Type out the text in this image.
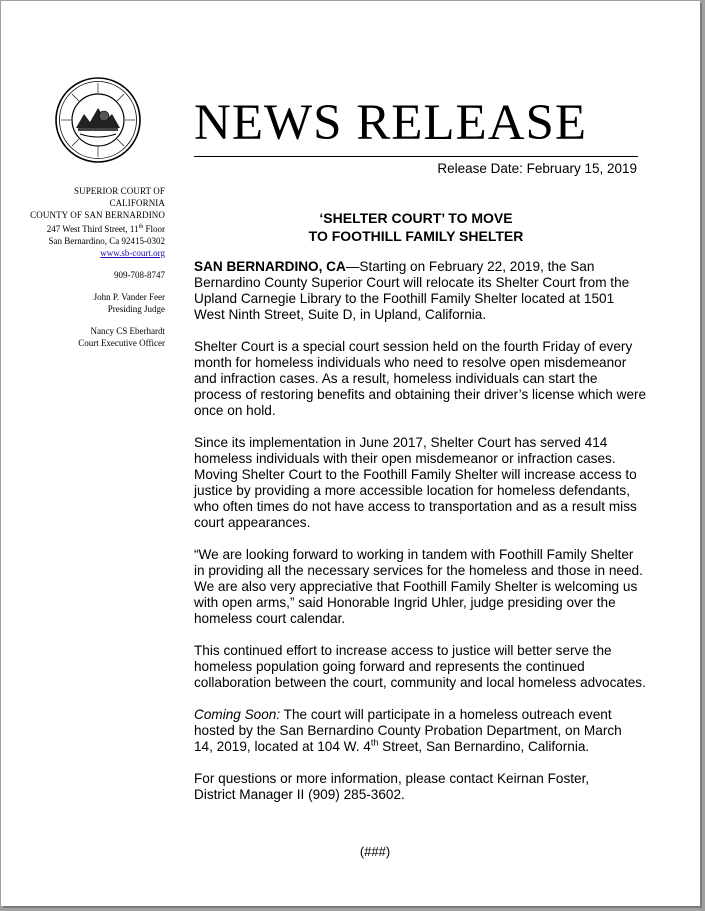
NEWS RELEASE
Release Date: February 15, 2019
SUPERIOR COURT OF
CALIFORNIA
COUNTY OF SAN BERNARDINO
247 West Third Street, 11th Floor
San Bernardino, Ca 92415-0302
www.sb-court.org
909-708-8747
John P. Vander Feer
Presiding Judge
Nancy CS Eberhardt
Court Executive Officer
‘SHELTER COURT’ TO MOVE
TO FOOTHILL FAMILY SHELTER

SAN BERNARDINO, CA—Starting on February 22, 2019, the San
Bernardino County Superior Court will relocate its Shelter Court from the
Upland Carnegie Library to the Foothill Family Shelter located at 1501
West Ninth Street, Suite D, in Upland, California.

Shelter Court is a special court session held on the fourth Friday of every
month for homeless individuals who need to resolve open misdemeanor
and infraction cases. As a result, homeless individuals can start the
process of restoring benefits and obtaining their driver’s license which were
once on hold.

Since its implementation in June 2017, Shelter Court has served 414
homeless individuals with their open misdemeanor or infraction cases.
Moving Shelter Court to the Foothill Family Shelter will increase access to
justice by providing a more accessible location for homeless defendants,
who often times do not have access to transportation and as a result miss
court appearances.

“We are looking forward to working in tandem with Foothill Family Shelter
in providing all the necessary services for the homeless and those in need.
We are also very appreciative that Foothill Family Shelter is welcoming us
with open arms,” said Honorable Ingrid Uhler, judge presiding over the
homeless court calendar.

This continued effort to increase access to justice will better serve the
homeless population going forward and represents the continued
collaboration between the court, community and local homeless advocates.

Coming Soon: The court will participate in a homeless outreach event
hosted by the San Bernardino County Probation Department, on March
14, 2019, located at 104 W. 4th Street, San Bernardino, California.

For questions or more information, please contact Keirnan Foster,
District Manager II (909) 285-3602.

(###)
